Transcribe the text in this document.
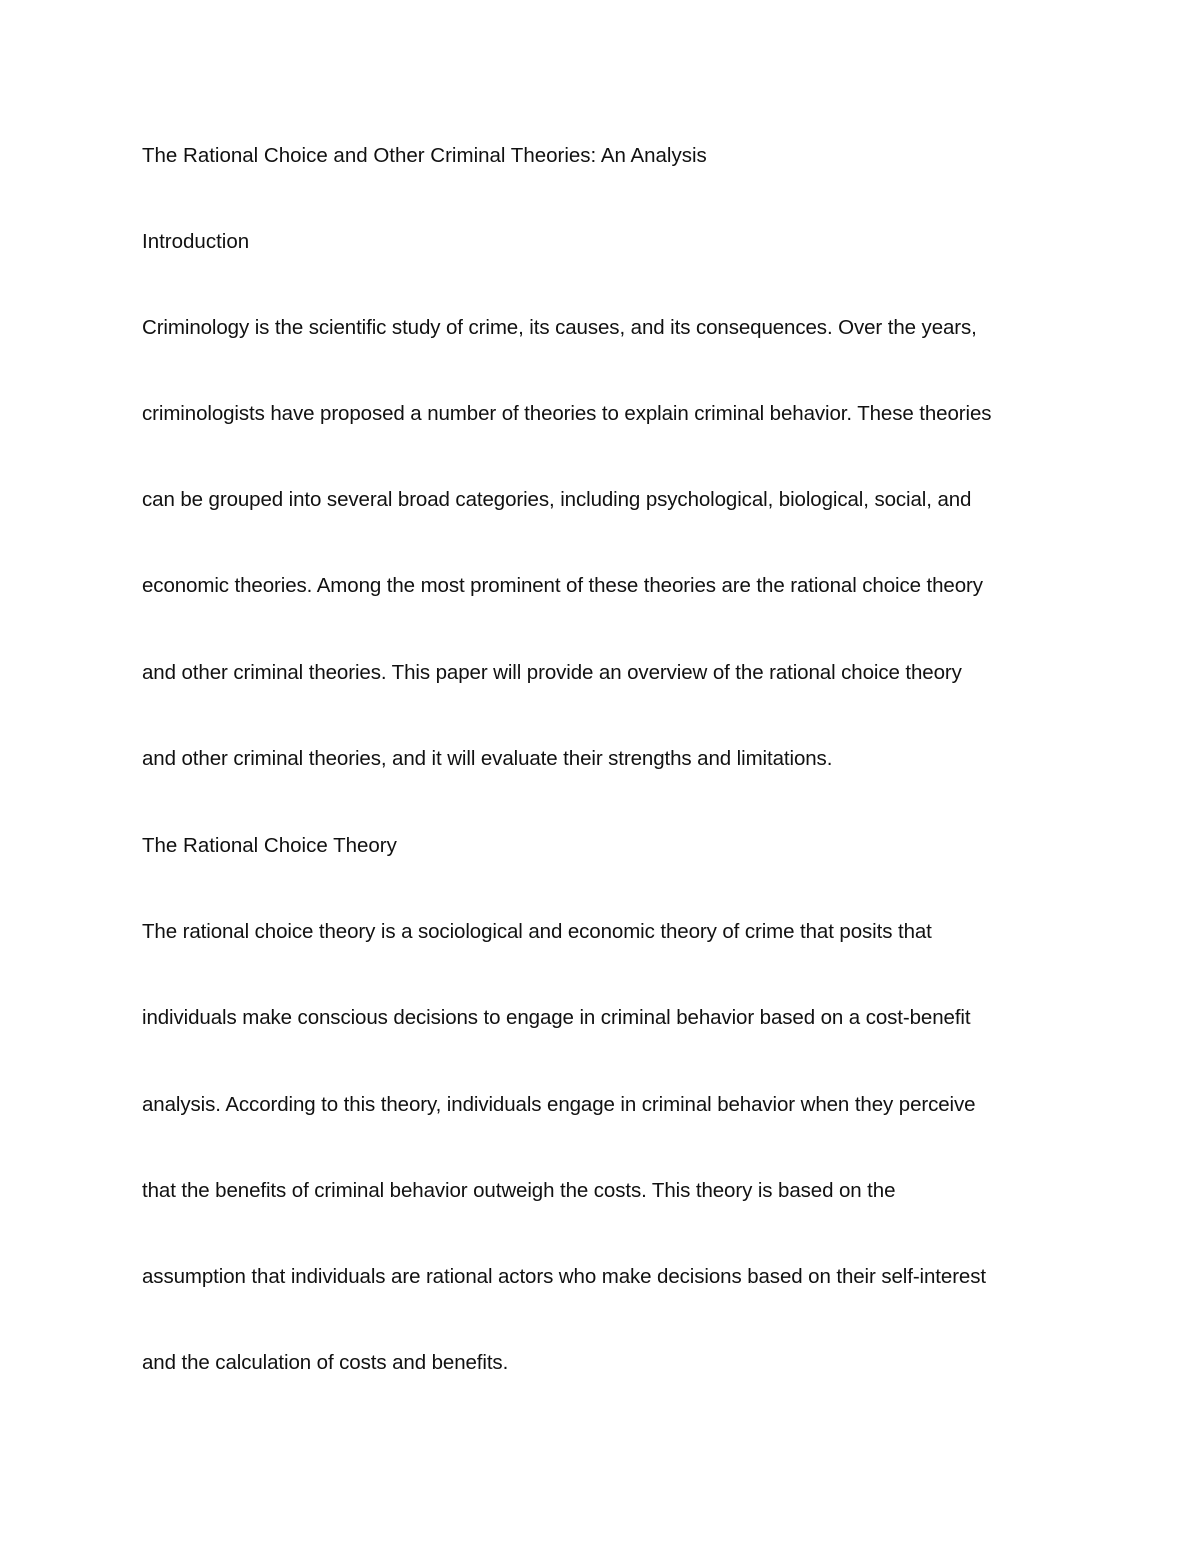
The Rational Choice and Other Criminal Theories: An Analysis
Introduction
Criminology is the scientific study of crime, its causes, and its consequences. Over the years,
criminologists have proposed a number of theories to explain criminal behavior. These theories
can be grouped into several broad categories, including psychological, biological, social, and
economic theories. Among the most prominent of these theories are the rational choice theory
and other criminal theories. This paper will provide an overview of the rational choice theory
and other criminal theories, and it will evaluate their strengths and limitations.
The Rational Choice Theory
The rational choice theory is a sociological and economic theory of crime that posits that
individuals make conscious decisions to engage in criminal behavior based on a cost-benefit
analysis. According to this theory, individuals engage in criminal behavior when they perceive
that the benefits of criminal behavior outweigh the costs. This theory is based on the
assumption that individuals are rational actors who make decisions based on their self-interest
and the calculation of costs and benefits.
